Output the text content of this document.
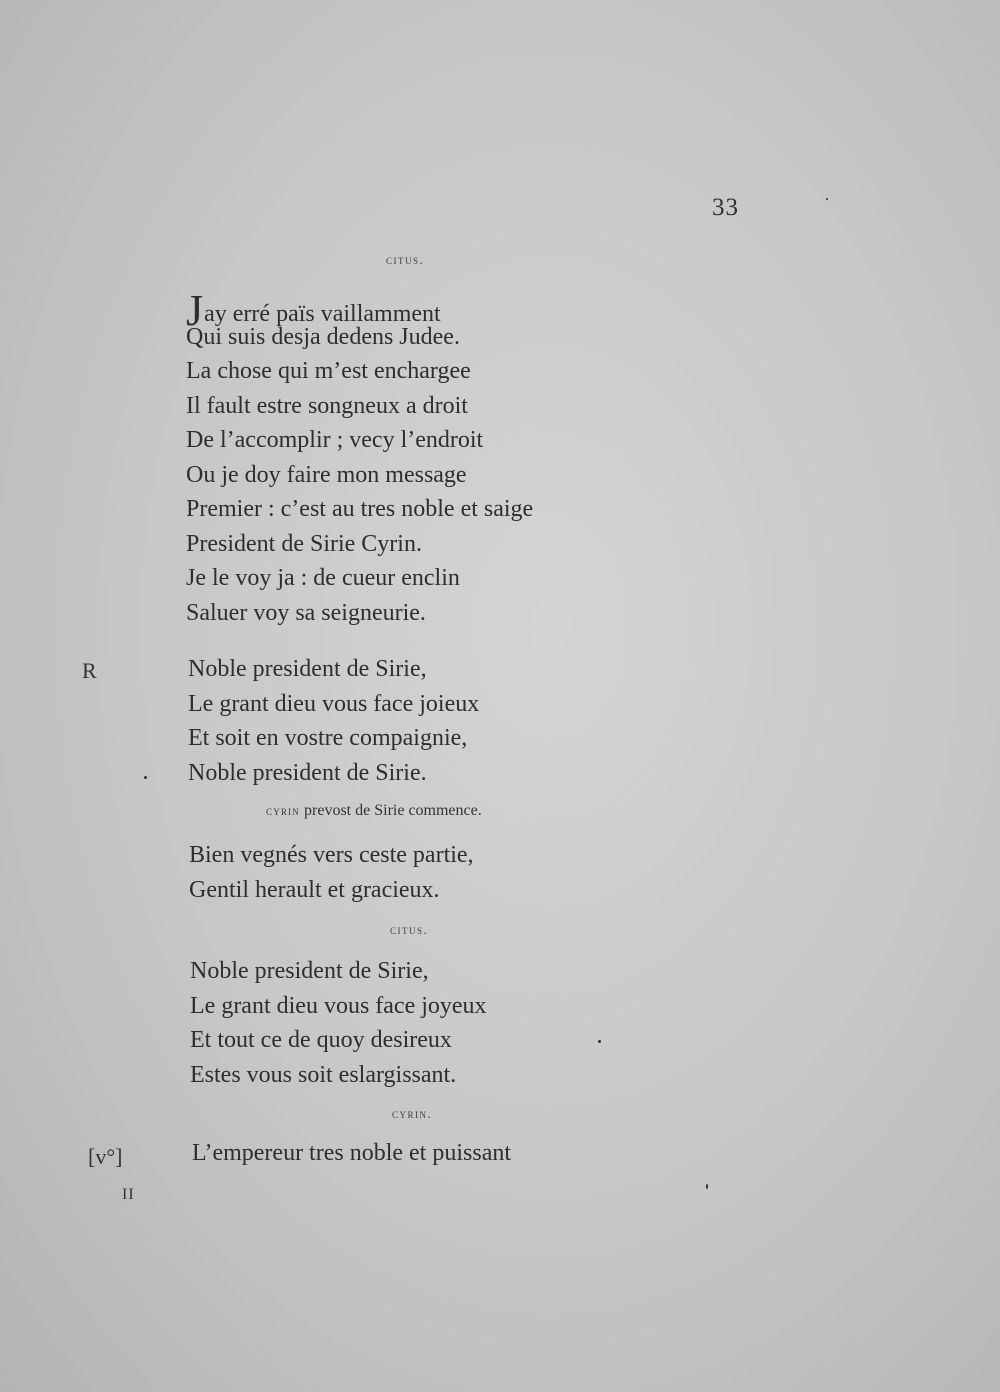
33
citus.
Jay erré païs vaillamment
Qui suis desja dedens Judee.
La chose qui m’est enchargee
Il fault estre songneux a droit
De l’accomplir ; vecy l’endroit
Ou je doy faire mon message
Premier : c’est au tres noble et saige
President de Sirie Cyrin.
Je le voy ja : de cueur enclin
Saluer voy sa seigneurie.
R	Noble president de Sirie,
Le grant dieu vous face joieux
Et soit en vostre compaignie,
Noble president de Sirie.
cyrin prevost de Sirie commence.
Bien vegnés vers ceste partie,
Gentil herault et gracieux.
citus.
Noble president de Sirie,
Le grant dieu vous face joyeux
Et tout ce de quoy desireux
Estes vous soit eslargissant.
cyrin.
[v°]	L’empereur tres noble et puissant
II
